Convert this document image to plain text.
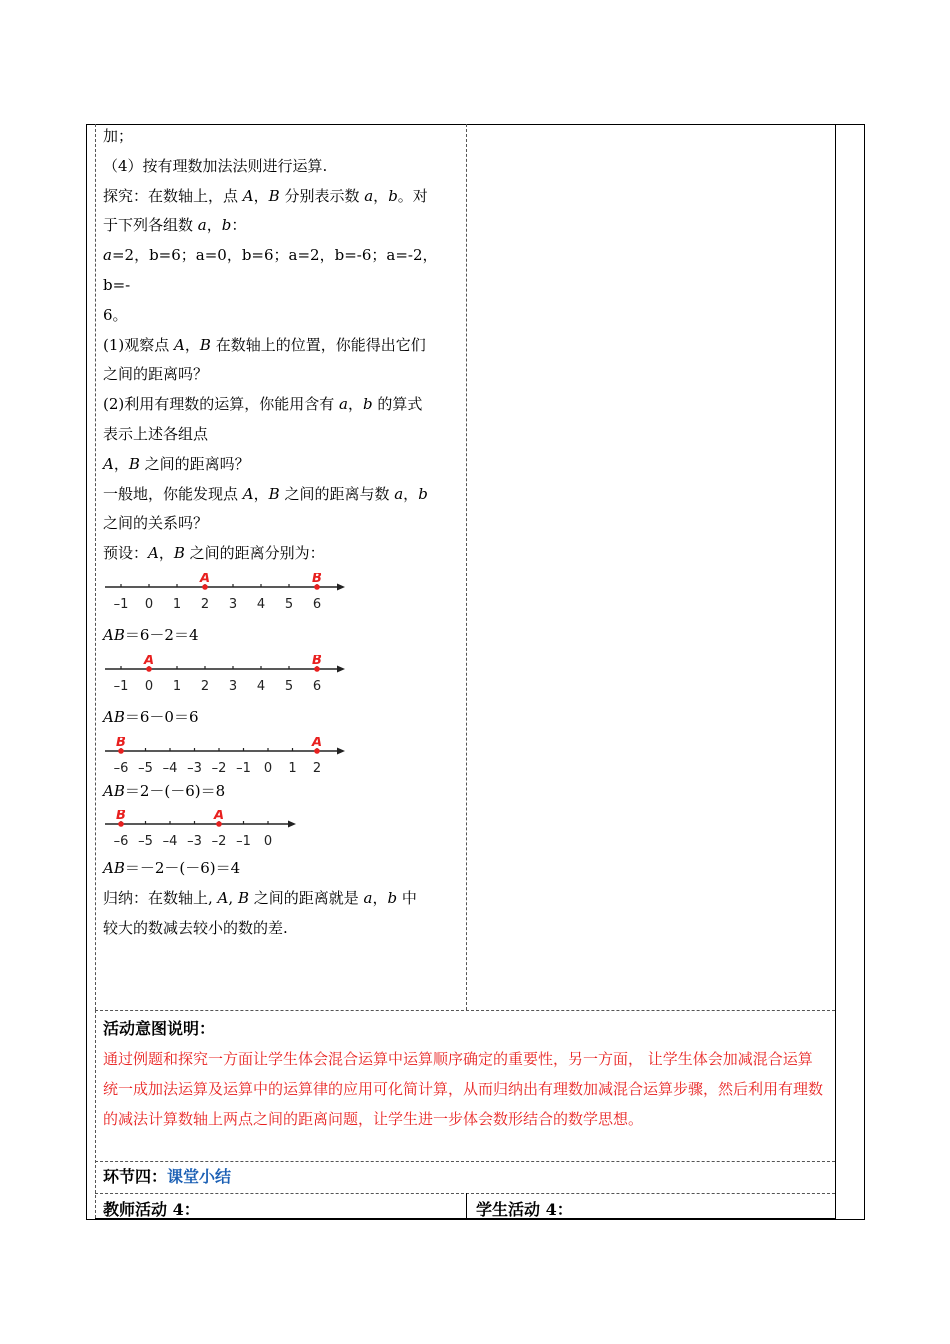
加；

（4）按有理数加法法则进行运算.

探究：在数轴上，点 A，B 分别表示数 a，b。对

于下列各组数 a，b：

a=2，b=6；a=0，b=6；a=2，b=-6；a=-2，b=-

6。

(1)观察点 A，B 在数轴上的位置，你能得出它们

之间的距离吗？

(2)利用有理数的运算，你能用含有 a，b 的算式

表示上述各组点

A，B 之间的距离吗？

一般地，你能发现点 A，B 之间的距离与数 a，b

之间的关系吗？

预设：A，B 之间的距离分别为：

–1 0 1 2 3 4 5 6
A	B

AB＝6－2＝4

–1 0 1 2 3 4 5 6
A	B

AB＝6－0＝6

–6 –5 –4 –3 –2 –1 0 1 2
B	A

AB＝2－(－6)＝8

–6 –5 –4 –3 –2 –1 0
B	A

AB＝－2－(－6)＝4

归纳：在数轴上, A, B 之间的距离就是 a，b 中

较大的数减去较小的数的差.

活动意图说明：
通过例题和探究一方面让学生体会混合运算中运算顺序确定的重要性，另一方面， 让学生体会加减混合运算统一成加法运算及运算中的运算律的应用可化简计算，从而归纳出有理数加减混合运算步骤，然后利用有理数的减法计算数轴上两点之间的距离问题，让学生进一步体会数形结合的数学思想。
环节四：课堂小结
教师活动 4：	学生活动 4：
